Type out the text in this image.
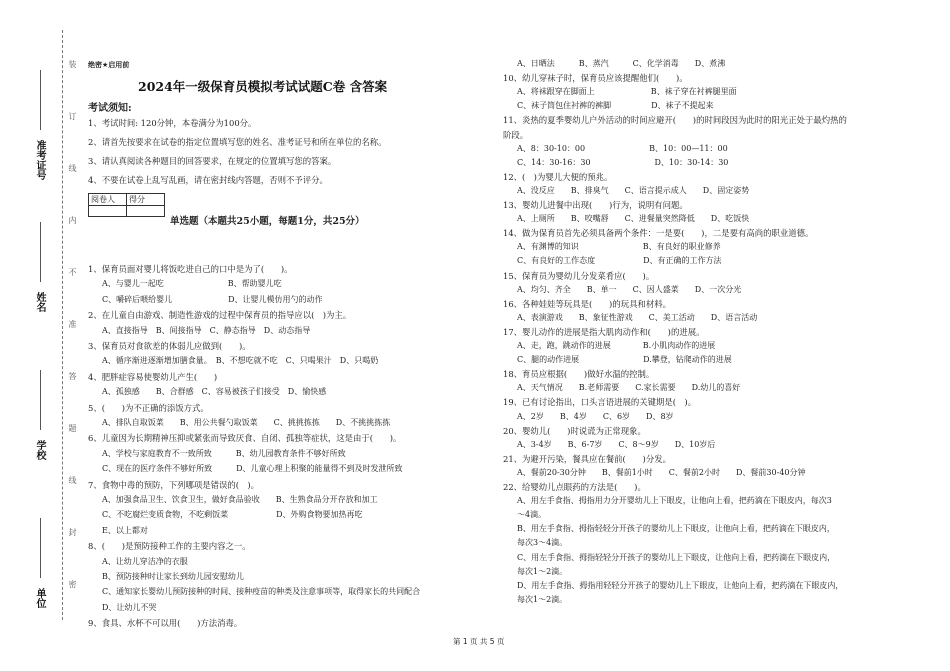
准考证号
姓名
学校
单位
装
订
线
内
不
准
答
题
线
封
密
绝密★启用前
2024年一级保育员模拟考试试题C卷 含答案
考试须知:
1、考试时间: 120分钟，本卷满分为100分。
2、请首先按要求在试卷的指定位置填写您的姓名、准考证号和所在单位的名称。
3、请认真阅读各种题目的回答要求，在规定的位置填写您的答案。
4、不要在试卷上乱写乱画，请在密封线内答题，否则不予评分。
阅卷人	得分

单选题（本题共25小题，每题1分，共25分）
1、保育员面对婴儿将饭吃进自己的口中是为了(　　)。
A、与婴儿一起吃　　　　　　　　B、帮助婴儿吃
C、嚼碎后喂给婴儿　　　　　　　D、让婴儿模仿用勺的动作
2、在儿童自由游戏、制造性游戏的过程中保育员的指导应以(　)为主。
A、直接指导　B、间接指导　C、静态指导　D、动态指导
3、保育员对食欲差的体弱儿应做到(　　)。
A、循序渐进逐渐增加膳食量。　B、不想吃就不吃　C、只喝果汁　D、只喝奶
4、肥胖症容易使婴幼儿产生(　　)
A、孤独感　　B、合群感　C、容易被孩子们接受　D、愉快感
5、(　　)为不正确的添饭方式。
A、排队自取饭菜　　B、用公共餐勺取饭菜　　C、挑挑拣拣　　D、不挑挑拣拣
6、儿童因为长期精神压抑或紧张而导致厌食、自闭、孤独等症状，这是由于(　　)。
A、学校与家庭教育不一致所致　　　B、幼儿园教育条件不够好所致
C、现在的医疗条件不够好所致　　　D、儿童心理上积聚的能量得不到及时发泄所致
7、食物中毒的预防，下列哪项是错误的(　)。
A、加强食品卫生、饮食卫生，做好食品验收　　B、生熟食品分开存放和加工
C、不吃腐烂变质食物，不吃剩饭菜　　　　　　D、外购食物要加热再吃
E、以上都对
8、(　　)是预防接种工作的主要内容之一。
A、让幼儿穿洁净的衣服
B、预防接种时让家长到幼儿园安慰幼儿
C、通知家长婴幼儿预防接种的时间、接种疫苗的种类及注意事项等，取得家长的共同配合
D、让幼儿不哭
9、食具、水杯不可以用(　　)方法消毒。
A、日晒法　　　B、蒸汽　　　C、化学消毒　　D、煮沸
10、幼儿穿袜子时，保育员应该提醒他们(　　)。
A、将袜跟穿在脚面上　　　　　　　B、袜子穿在衬裤腿里面
C、袜子筒包住衬裤的裤脚　　　　　D、袜子不提起来
11、炎热的夏季婴幼儿户外活动的时间应避开(　　)的时间段因为此时的阳光正处于最灼热的
阶段。
A、8：30-10：00　　　　　　　　B、10：00—11：00
C、14：30-16：30　　　　　　　　D、10：30-14：30
12、(　)为婴儿大便的预兆。
A、没反应　　B、排臭气　　C、语言提示成人　　D、固定姿势
13、婴幼儿进餐中出现(　　)行为，说明有问题。
A、上厕所　　B、咬嘴唇　　C、进餐量突然降低　　D、吃饭快
14、做为保育员首先必须具备两个条件：一是要(　　)，二是要有高尚的职业道德。
A、有渊博的知识　　　　　　　　B、有良好的职业修养
C、有良好的工作态度　　　　　　D、有正确的工作方法
15、保育员为婴幼儿分发菜肴应(　　)。
A、均匀、齐全　　B、单一　　C、因人盛菜　　D、一次分光
16、各种娃娃等玩具是(　　)的玩具和材料。
A、表演游戏　　B、象征性游戏　　C、美工活动　　D、语言活动
17、婴儿动作的进展是指大肌肉动作和(　　)的进展。
A、走，跑，跳动作的进展　　　　B.小肌肉动作的进展
C、腿的动作进展　　　　　　　　D.攀登，钻爬动作的进展
18、育员应根据(　　)做好水温的控制。
A、天气情况　　B.老师需要　　C.家长需要　　D.幼儿的喜好
19、已有讨论指出，口头言语进展的关键期是(　)。
A、2岁　　B、4岁　　C、6岁　　D、8岁
20、婴幼儿(　　)时说谎为正常现象。
A、3-4岁　　B、6-7岁　　C、8～9岁　　D、10岁后
21、为避开污染，餐具应在餐前(　　)分发。
A、餐前20-30分钟　　B、餐前1小时　　C、餐前2小时　　D、餐前30-40分钟
22、给婴幼儿点眼药的方法是(　　)。
A、用左手食指、拇指用力分开婴幼儿上下眼皮，让他向上看，把药滴在下眼皮内，每次3
～4滴。
B、用左手食指、拇指轻轻分开孩子的婴幼儿上下眼皮，让他向上看，把药滴在下眼皮内，
每次3～4滴。
C、用左手食指、拇指轻轻分开孩子的婴幼儿上下眼皮，让他向上看，把药滴在下眼皮内，
每次1～2滴。
D、用左手食指、拇指用轻轻分开孩子的婴幼儿上下眼皮，让他向上看，把药滴在下眼皮内，
每次1～2滴。
第 1 页 共 5 页
